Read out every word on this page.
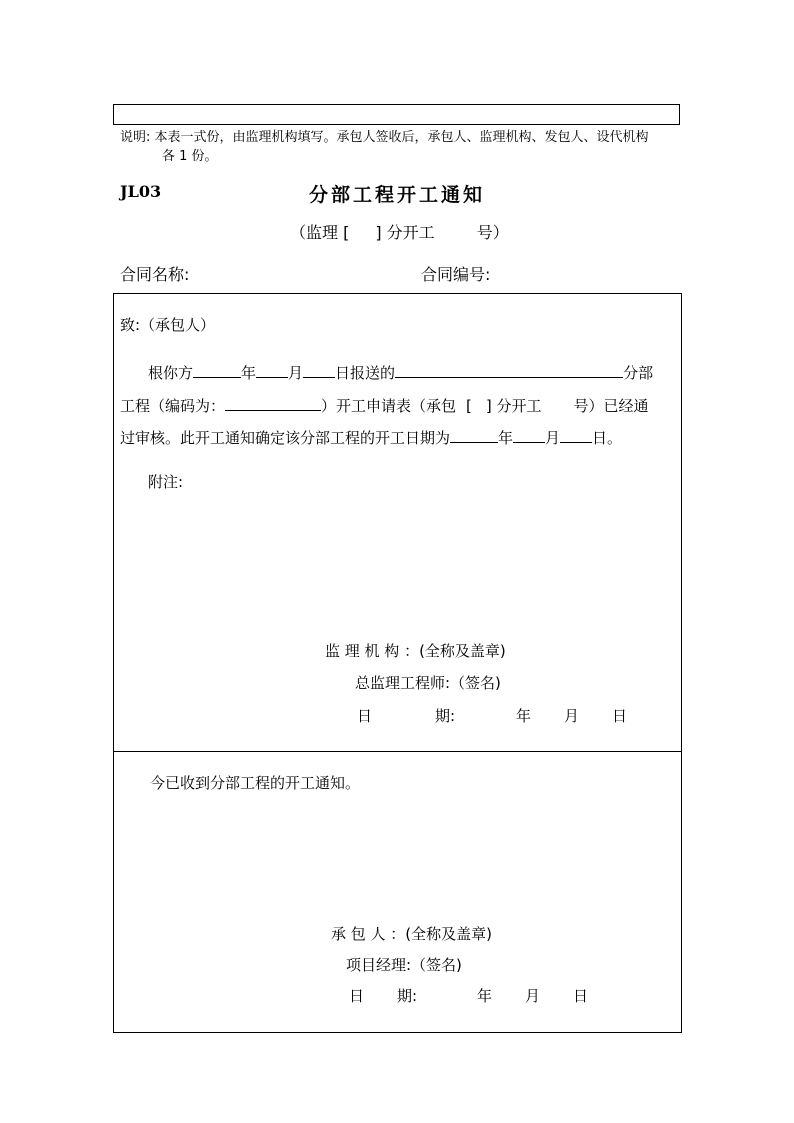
说明: 本表一式份，由监理机构填写。承包人签收后，承包人、监理机构、发包人、设代机构
各 1 份。
JL03	分部工程开工通知
（监理 [ ] 分开工	号）
合同名称:	合同编号:
致:（承包人）
根你方	年 月 日报送的	分部
工程（编码为：	）开工申请表（承包 [ ] 分开工 号）已经通
过审核。此开工通知确定该分部工程的开工日期为	年 月 日。
附注:
监 理 机 构 ：(全称及盖章)
总监理工程师:（签名)
日	期:	年 月 日
今已收到分部工程的开工通知。
承 包 人 ：(全称及盖章)
项目经理:（签名)
日 期:	年 月 日
